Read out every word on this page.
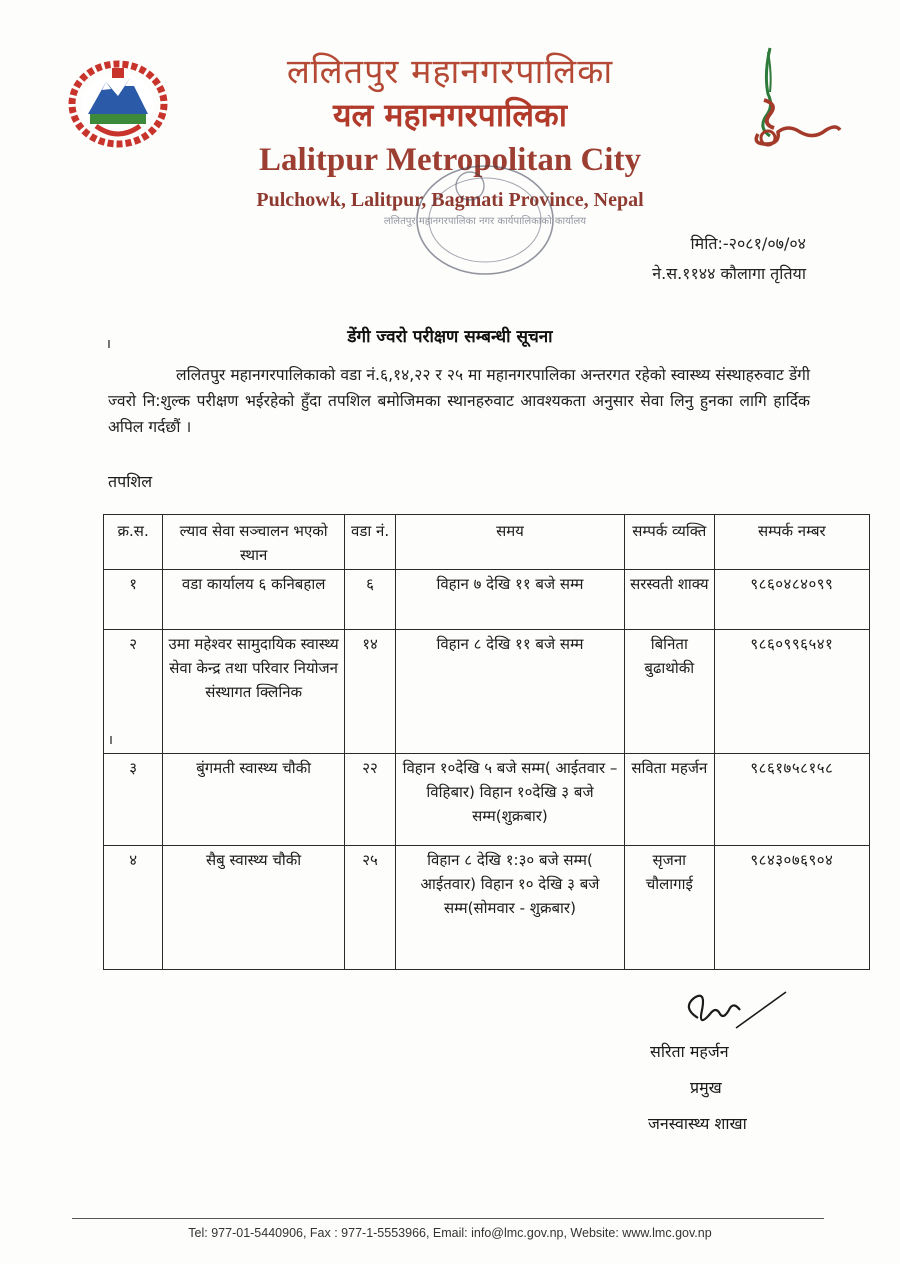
ललितपुर महानगरपालिका
यल महानगरपालिका
Lalitpur Metropolitan City
Pulchowk, Lalitpur, Bagmati Province, Nepal
ललितपुर महानगरपालिका नगर कार्यपालिकाको कार्यालय
मिति:-२०८१/०७/०४
ने.स.११४४ कौलागा तृतिया
डेंगी ज्वरो परीक्षण सम्बन्धी सूचना
ललितपुर महानगरपालिकाको वडा नं.६,१४,२२ र २५ मा महानगरपालिका अन्तरगत रहेको स्वास्थ्य संस्थाहरुवाट डेंगी ज्वरो नि:शुल्क परीक्षण भईरहेको हुँदा तपशिल बमोजिमका स्थानहरुवाट आवश्यकता अनुसार सेवा लिनु हुनका लागि हार्दिक अपिल गर्दछौं ।
तपशिल
क्र.स.	ल्याव सेवा सञ्चालन भएको स्थान	वडा नं.	समय	सम्पर्क व्यक्ति	सम्पर्क नम्बर
१	वडा कार्यालय ६ कनिबहाल	६	विहान ७ देखि ११ बजे सम्म	सरस्वती शाक्य	९८६०४८४०९९
२	उमा महेश्वर सामुदायिक स्वास्थ्य सेवा केन्द्र तथा परिवार नियोजन संस्थागत क्लिनिक	१४	विहान ८ देखि ११ बजे सम्म	बिनिता बुढाथोकी	९८६०९९६५४१
३	बुंगमती स्वास्थ्य चौकी	२२	विहान १०देखि ५ बजे सम्म( आईतवार – विहिबार) विहान १०देखि ३ बजे सम्म(शुक्रबार)	सविता महर्जन	९८६१७५८१५८
४	सैबु स्वास्थ्य चौकी	२५	विहान ८ देखि १:३० बजे सम्म( आईतवार) विहान १० देखि ३ बजे सम्म(सोमवार - शुक्रबार)	सृजना चौलागाई	९८४३०७६९०४
सरिता महर्जन
प्रमुख
जनस्वास्थ्य शाखा
Tel: 977-01-5440906, Fax : 977-1-5553966, Email: info@lmc.gov.np, Website: www.lmc.gov.np
